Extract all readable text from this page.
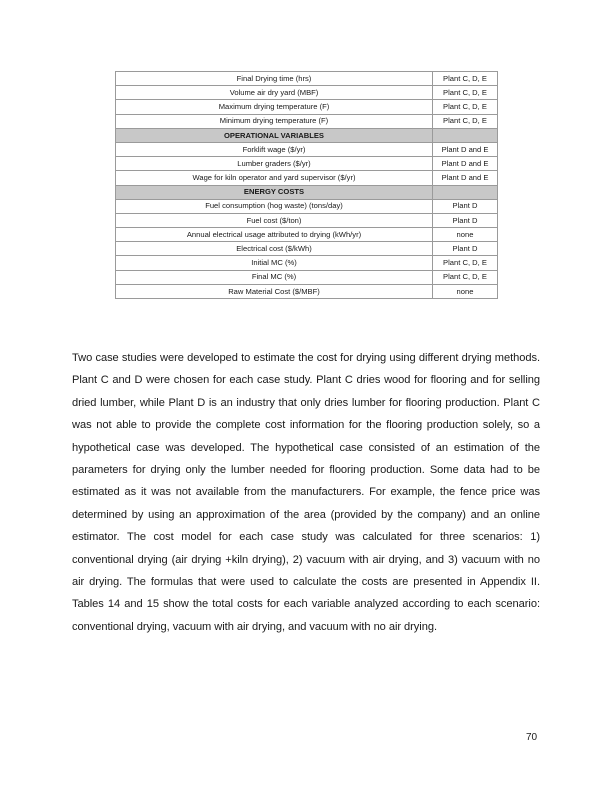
Final Drying time (hrs)	Plant C, D, E
Volume air dry yard (MBF)	Plant C, D, E
Maximum drying temperature (F)	Plant C, D, E
Minimum drying temperature (F)	Plant C, D, E
OPERATIONAL VARIABLES	
Forklift wage ($/yr)	Plant D and E
Lumber graders ($/yr)	Plant D and E
Wage for kiln operator and yard supervisor ($/yr)	Plant D and E
ENERGY COSTS	
Fuel consumption (hog waste) (tons/day)	Plant D
Fuel cost ($/ton)	Plant D
Annual electrical usage attributed to drying (kWh/yr)	none
Electrical cost ($/kWh)	Plant D
Initial MC (%)	Plant C, D, E
Final MC (%)	Plant C, D, E
Raw Material Cost ($/MBF)	none

Two case studies were developed to estimate the cost for drying using different drying methods. Plant C and D were chosen for each case study. Plant C dries wood for flooring and for selling dried lumber, while Plant D is an industry that only dries lumber for flooring production. Plant C was not able to provide the complete cost information for the flooring production solely, so a hypothetical case was developed. The hypothetical case consisted of an estimation of the parameters for drying only the lumber needed for flooring production. Some data had to be estimated as it was not available from the manufacturers. For example, the fence price was determined by using an approximation of the area (provided by the company) and an online estimator. The cost model for each case study was calculated for three scenarios: 1) conventional drying (air drying +kiln drying), 2) vacuum with air drying, and 3) vacuum with no air drying. The formulas that were used to calculate the costs are presented in Appendix II. Tables 14 and 15 show the total costs for each variable analyzed according to each scenario: conventional drying, vacuum with air drying, and vacuum with no air drying.

70
